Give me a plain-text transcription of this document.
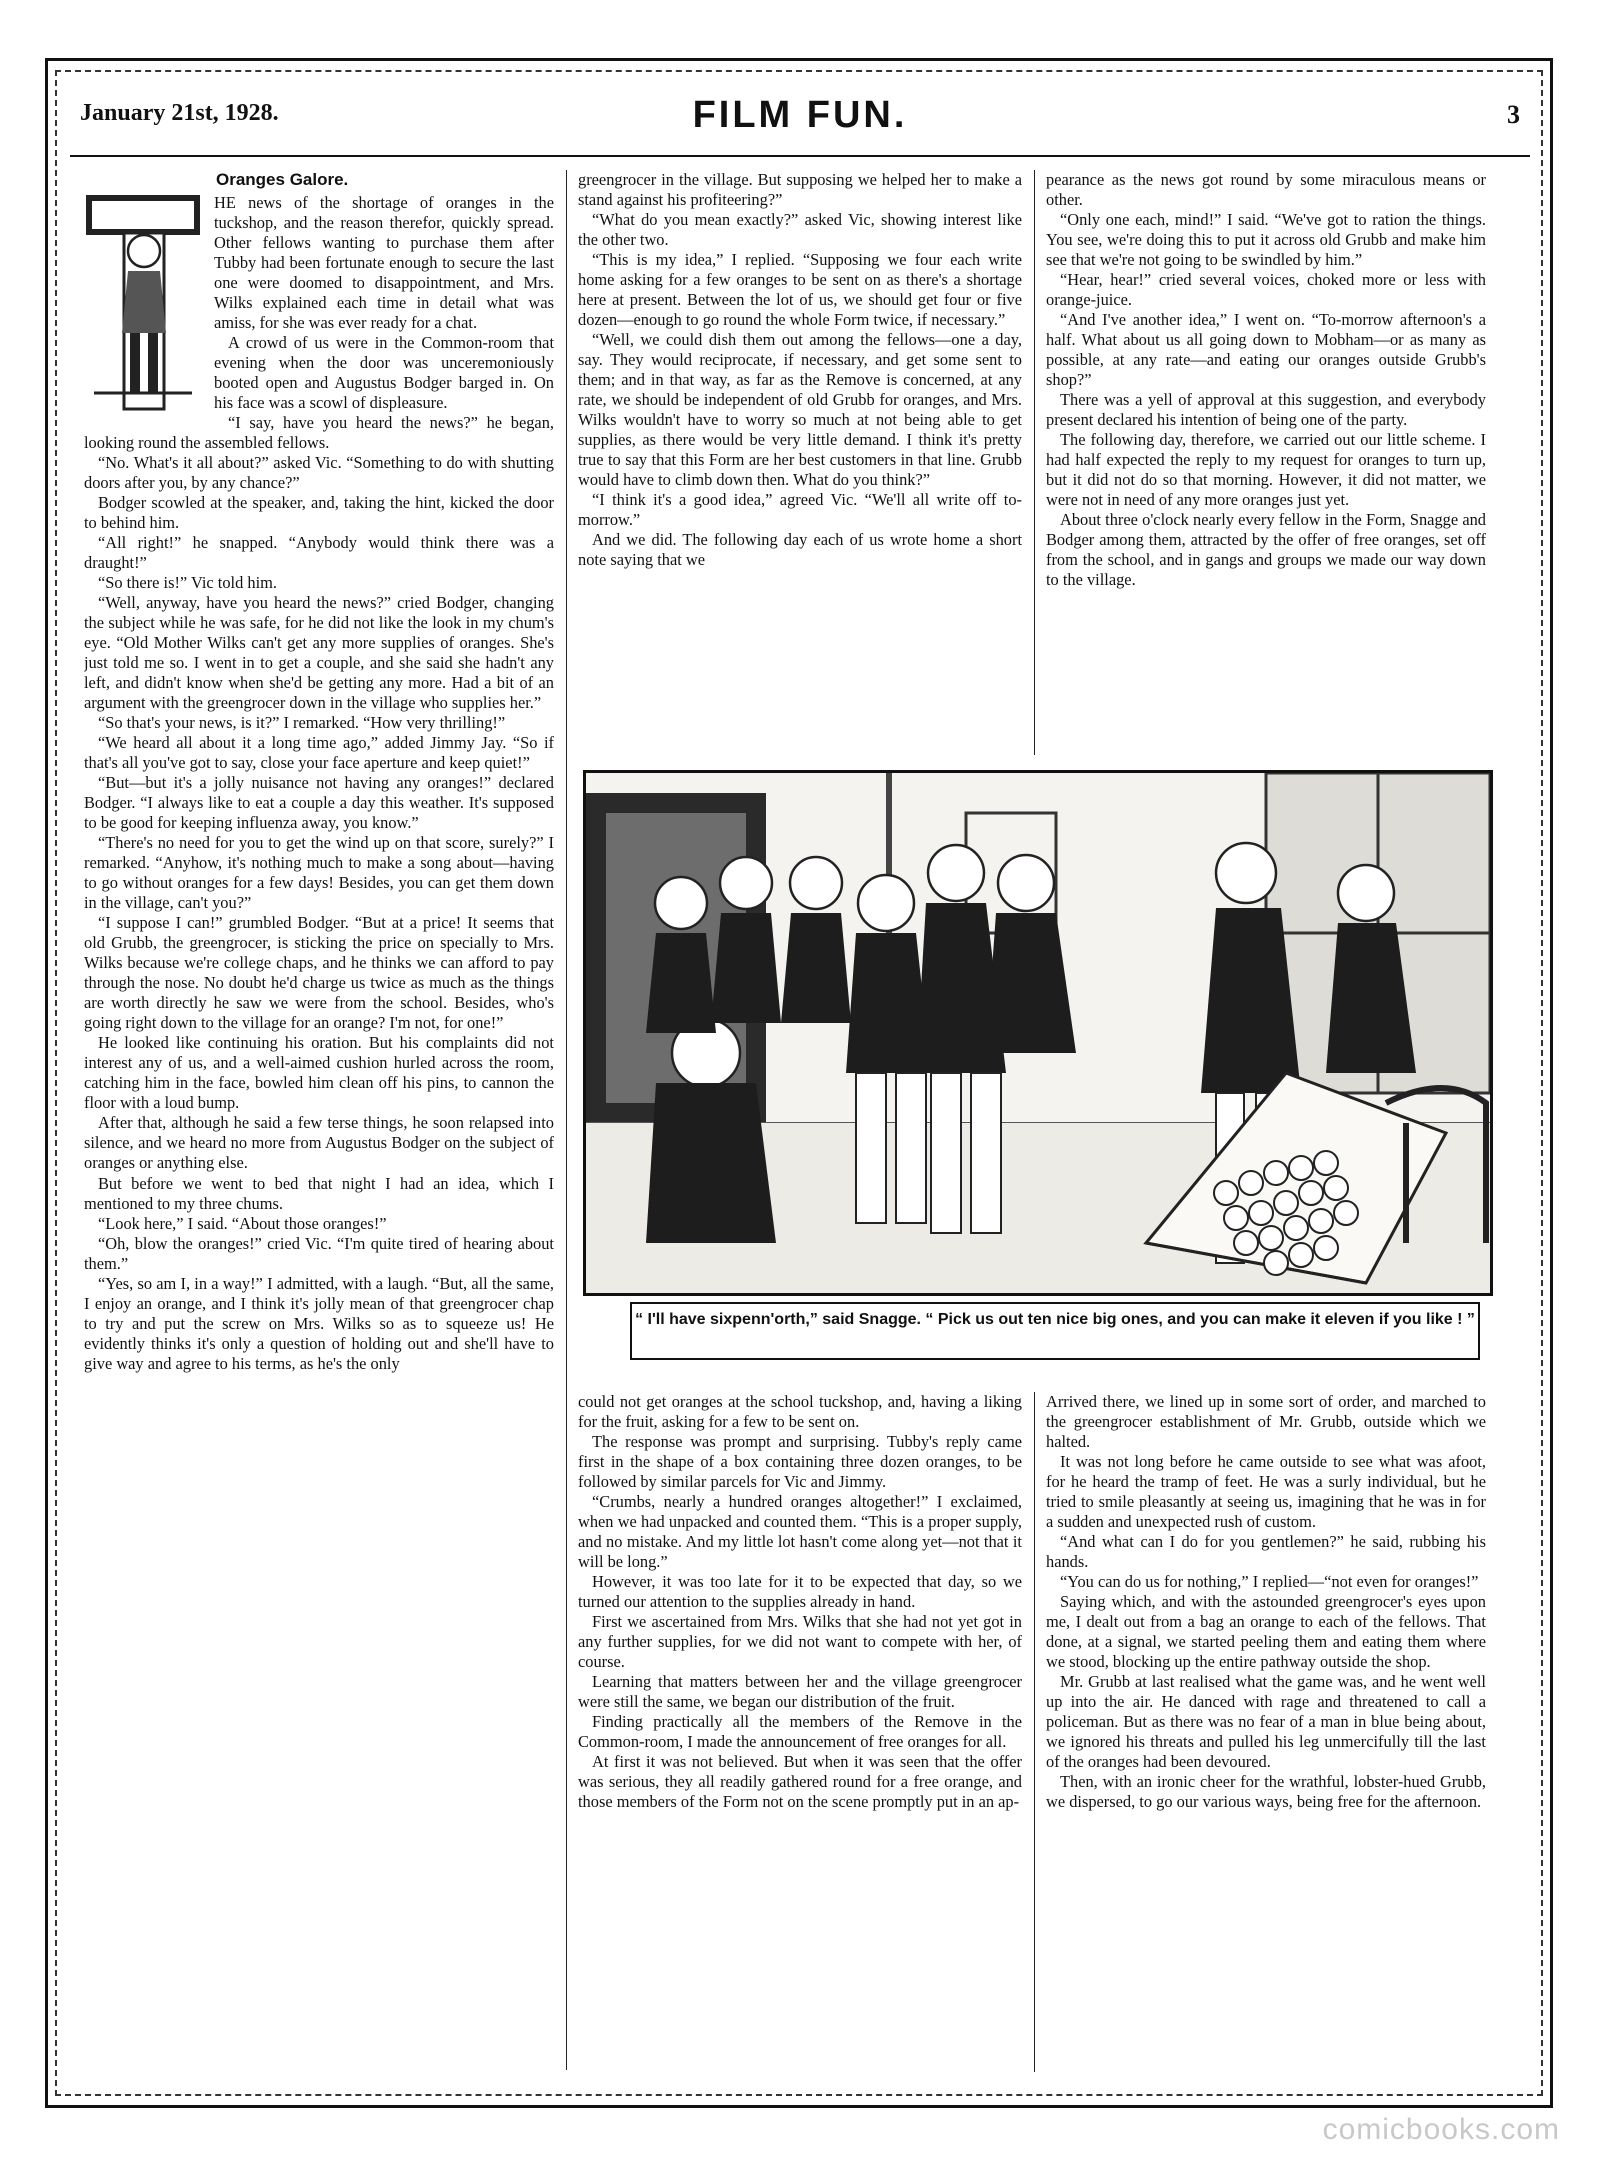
January 21st, 1928.	FILM FUN.	3
Oranges Galore.

HE news of the shortage of oranges in the tuckshop, and the reason therefor, quickly spread. Other fellows wanting to purchase them after Tubby had been fortunate enough to secure the last one were doomed to disappointment, and Mrs. Wilks explained each time in detail what was amiss, for she was ever ready for a chat.

A crowd of us were in the Common-room that evening when the door was unceremoniously booted open and Augustus Bodger barged in. On his face was a scowl of displeasure.

“I say, have you heard the news?” he began, looking round the assembled fellows.

“No. What's it all about?” asked Vic. “Something to do with shutting doors after you, by any chance?”

Bodger scowled at the speaker, and, taking the hint, kicked the door to behind him.

“All right!” he snapped. “Anybody would think there was a draught!”

“So there is!” Vic told him.

“Well, anyway, have you heard the news?” cried Bodger, changing the subject while he was safe, for he did not like the look in my chum's eye. “Old Mother Wilks can't get any more supplies of oranges. She's just told me so. I went in to get a couple, and she said she hadn't any left, and didn't know when she'd be getting any more. Had a bit of an argument with the greengrocer down in the village who supplies her.”

“So that's your news, is it?” I remarked. “How very thrilling!”

“We heard all about it a long time ago,” added Jimmy Jay. “So if that's all you've got to say, close your face aperture and keep quiet!”

“But—but it's a jolly nuisance not having any oranges!” declared Bodger. “I always like to eat a couple a day this weather. It's supposed to be good for keeping influenza away, you know.”

“There's no need for you to get the wind up on that score, surely?” I remarked. “Anyhow, it's nothing much to make a song about—having to go without oranges for a few days! Besides, you can get them down in the village, can't you?”

“I suppose I can!” grumbled Bodger. “But at a price! It seems that old Grubb, the greengrocer, is sticking the price on specially to Mrs. Wilks because we're college chaps, and he thinks we can afford to pay through the nose. No doubt he'd charge us twice as much as the things are worth directly he saw we were from the school. Besides, who's going right down to the village for an orange? I'm not, for one!”

He looked like continuing his oration. But his complaints did not interest any of us, and a well-aimed cushion hurled across the room, catching him in the face, bowled him clean off his pins, to cannon the floor with a loud bump.

After that, although he said a few terse things, he soon relapsed into silence, and we heard no more from Augustus Bodger on the subject of oranges or anything else.

But before we went to bed that night I had an idea, which I mentioned to my three chums.

“Look here,” I said. “About those oranges!”

“Oh, blow the oranges!” cried Vic. “I'm quite tired of hearing about them.”

“Yes, so am I, in a way!” I admitted, with a laugh. “But, all the same, I enjoy an orange, and I think it's jolly mean of that greengrocer chap to try and put the screw on Mrs. Wilks so as to squeeze us! He evidently thinks it's only a question of holding out and she'll have to give way and agree to his terms, as he's the only

greengrocer in the village. But supposing we helped her to make a stand against his profiteering?”

“What do you mean exactly?” asked Vic, showing interest like the other two.

“This is my idea,” I replied. “Supposing we four each write home asking for a few oranges to be sent on as there's a shortage here at present. Between the lot of us, we should get four or five dozen—enough to go round the whole Form twice, if necessary.”

“Well, we could dish them out among the fellows—one a day, say. They would reciprocate, if necessary, and get some sent to them; and in that way, as far as the Remove is concerned, at any rate, we should be independent of old Grubb for oranges, and Mrs. Wilks wouldn't have to worry so much at not being able to get supplies, as there would be very little demand. I think it's pretty true to say that this Form are her best customers in that line. Grubb would have to climb down then. What do you think?”

“I think it's a good idea,” agreed Vic. “We'll all write off to-morrow.”

And we did. The following day each of us wrote home a short note saying that we

pearance as the news got round by some miraculous means or other.

“Only one each, mind!” I said. “We've got to ration the things. You see, we're doing this to put it across old Grubb and make him see that we're not going to be swindled by him.”

“Hear, hear!” cried several voices, choked more or less with orange-juice.

“And I've another idea,” I went on. “To-morrow afternoon's a half. What about us all going down to Mobham—or as many as possible, at any rate—and eating our oranges outside Grubb's shop?”

There was a yell of approval at this suggestion, and everybody present declared his intention of being one of the party.

The following day, therefore, we carried out our little scheme. I had half expected the reply to my request for oranges to turn up, but it did not do so that morning. However, it did not matter, we were not in need of any more oranges just yet.

About three o'clock nearly every fellow in the Form, Snagge and Bodger among them, attracted by the offer of free oranges, set off from the school, and in gangs and groups we made our way down to the village.

“ I'll have sixpenn'orth,” said Snagge. “ Pick us out ten nice big ones, and you can make it eleven if you like ! ”

could not get oranges at the school tuckshop, and, having a liking for the fruit, asking for a few to be sent on.

The response was prompt and surprising. Tubby's reply came first in the shape of a box containing three dozen oranges, to be followed by similar parcels for Vic and Jimmy.

“Crumbs, nearly a hundred oranges altogether!” I exclaimed, when we had unpacked and counted them. “This is a proper supply, and no mistake. And my little lot hasn't come along yet—not that it will be long.”

However, it was too late for it to be expected that day, so we turned our attention to the supplies already in hand.

First we ascertained from Mrs. Wilks that she had not yet got in any further supplies, for we did not want to compete with her, of course.

Learning that matters between her and the village greengrocer were still the same, we began our distribution of the fruit.

Finding practically all the members of the Remove in the Common-room, I made the announcement of free oranges for all.

At first it was not believed. But when it was seen that the offer was serious, they all readily gathered round for a free orange, and those members of the Form not on the scene promptly put in an ap-

Arrived there, we lined up in some sort of order, and marched to the greengrocer establishment of Mr. Grubb, outside which we halted.

It was not long before he came outside to see what was afoot, for he heard the tramp of feet. He was a surly individual, but he tried to smile pleasantly at seeing us, imagining that he was in for a sudden and unexpected rush of custom.

“And what can I do for you gentlemen?” he said, rubbing his hands.

“You can do us for nothing,” I replied—“not even for oranges!”

Saying which, and with the astounded greengrocer's eyes upon me, I dealt out from a bag an orange to each of the fellows. That done, at a signal, we started peeling them and eating them where we stood, blocking up the entire pathway outside the shop.

Mr. Grubb at last realised what the game was, and he went well up into the air. He danced with rage and threatened to call a policeman. But as there was no fear of a man in blue being about, we ignored his threats and pulled his leg unmercifully till the last of the oranges had been devoured.

Then, with an ironic cheer for the wrathful, lobster-hued Grubb, we dispersed, to go our various ways, being free for the afternoon.

comicbooks.com
